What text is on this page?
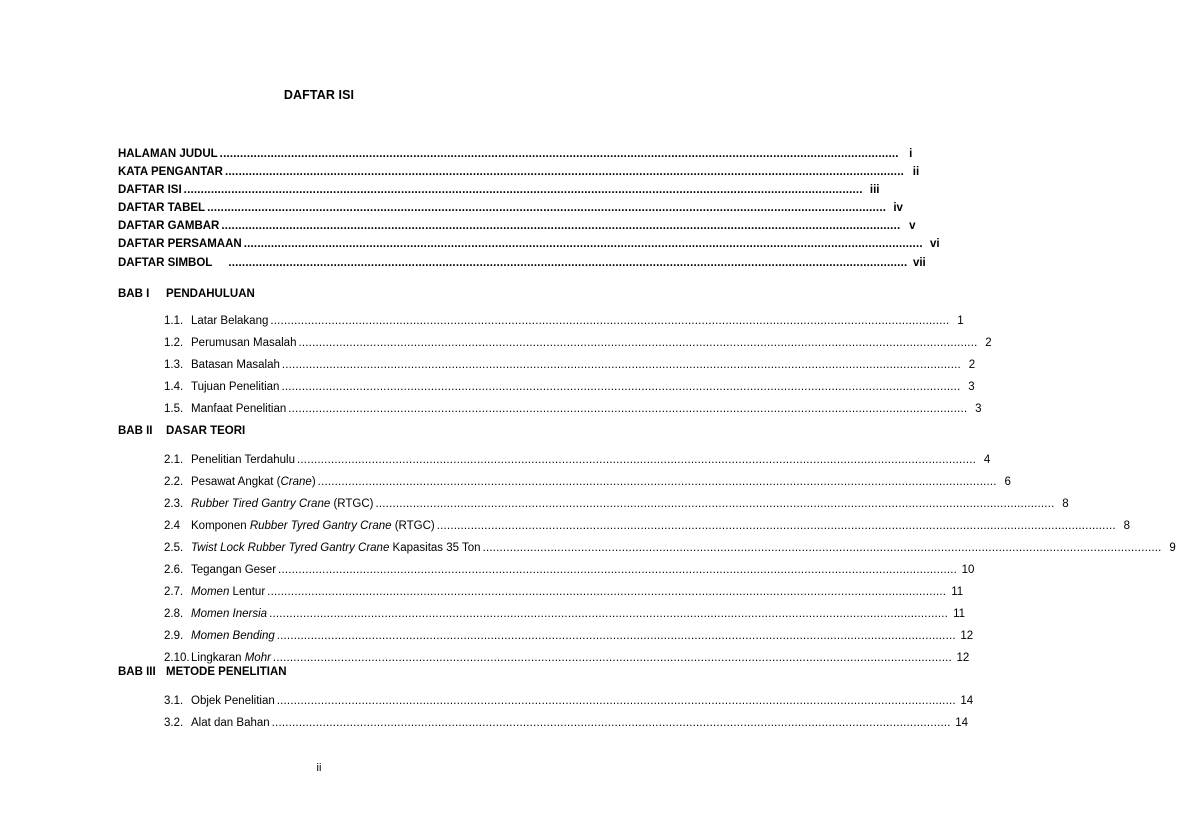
DAFTAR ISI
HALAMAN JUDUL ........................................................................................................................................................................................................ i
KATA PENGANTAR ........................................................................................................................................................................................................ ii
DAFTAR ISI ........................................................................................................................................................................................................ iii
DAFTAR TABEL ........................................................................................................................................................................................................ iv
DAFTAR GAMBAR ........................................................................................................................................................................................................ v
DAFTAR PERSAMAAN ........................................................................................................................................................................................................ vi
DAFTAR SIMBOL ........................................................................................................................................................................................................ vii
BAB I PENDAHULUAN
1.1. Latar Belakang ........................................................................................................................................................................................................ 1
1.2. Perumusan Masalah ........................................................................................................................................................................................................ 2
1.3. Batasan Masalah ........................................................................................................................................................................................................ 2
1.4. Tujuan Penelitian ........................................................................................................................................................................................................ 3
1.5. Manfaat Penelitian ........................................................................................................................................................................................................ 3
BAB II DASAR TEORI
2.1. Penelitian Terdahulu ........................................................................................................................................................................................................ 4
2.2. Pesawat Angkat (Crane) ........................................................................................................................................................................................................ 6
2.3. Rubber Tired Gantry Crane (RTGC) ........................................................................................................................................................................................................ 8
2.4 Komponen Rubber Tyred Gantry Crane (RTGC) ........................................................................................................................................................................................................ 8
2.5. Twist Lock Rubber Tyred Gantry Crane Kapasitas 35 Ton ........................................................................................................................................................................................................ 9
2.6. Tegangan Geser ........................................................................................................................................................................................................ 10
2.7. Momen Lentur ........................................................................................................................................................................................................ 11
2.8. Momen Inersia ........................................................................................................................................................................................................ 11
2.9. Momen Bending ........................................................................................................................................................................................................ 12
2.10. Lingkaran Mohr ........................................................................................................................................................................................................ 12
BAB III METODE PENELITIAN
3.1. Objek Penelitian ........................................................................................................................................................................................................ 14
3.2. Alat dan Bahan ........................................................................................................................................................................................................ 14
ii
